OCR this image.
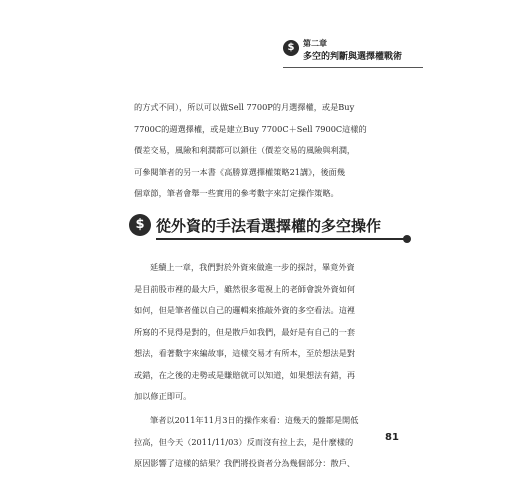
$	第二章
多空的判斷與選擇權戰術
的方式不同），所以可以做Sell 7700P的月選擇權，或是Buy
7700C的週選擇權，或是建立Buy 7700C＋Sell 7900C這樣的
價差交易，風險和利潤都可以鎖住（價差交易的風險與利潤，
可參閱筆者的另一本書《高勝算選擇權策略21講》，後面幾
個章節，筆者會舉一些實用的參考數字來訂定操作策略。
$ 從外資的手法看選擇權的多空操作
延續上一章，我們對於外資來做進一步的探討，畢竟外資
是目前股市裡的最大戶，雖然很多電視上的老師會說外資如何
如何，但是筆者僅以自己的邏輯來推敲外資的多空看法。這裡
所寫的不見得是對的，但是散戶如我們，最好是有自己的一套
想法，看著數字來編故事，這樣交易才有所本，至於想法是對
或錯，在之後的走勢或是賺賠就可以知道，如果想法有錯，再
加以修正即可。
筆者以2011年11月3日的操作來看：這幾天的盤都是開低
拉高，但今天（2011/11/03）反而沒有拉上去，是什麼樣的
原因影響了這樣的結果？我們將投資者分為幾個部分：散戶、
81
